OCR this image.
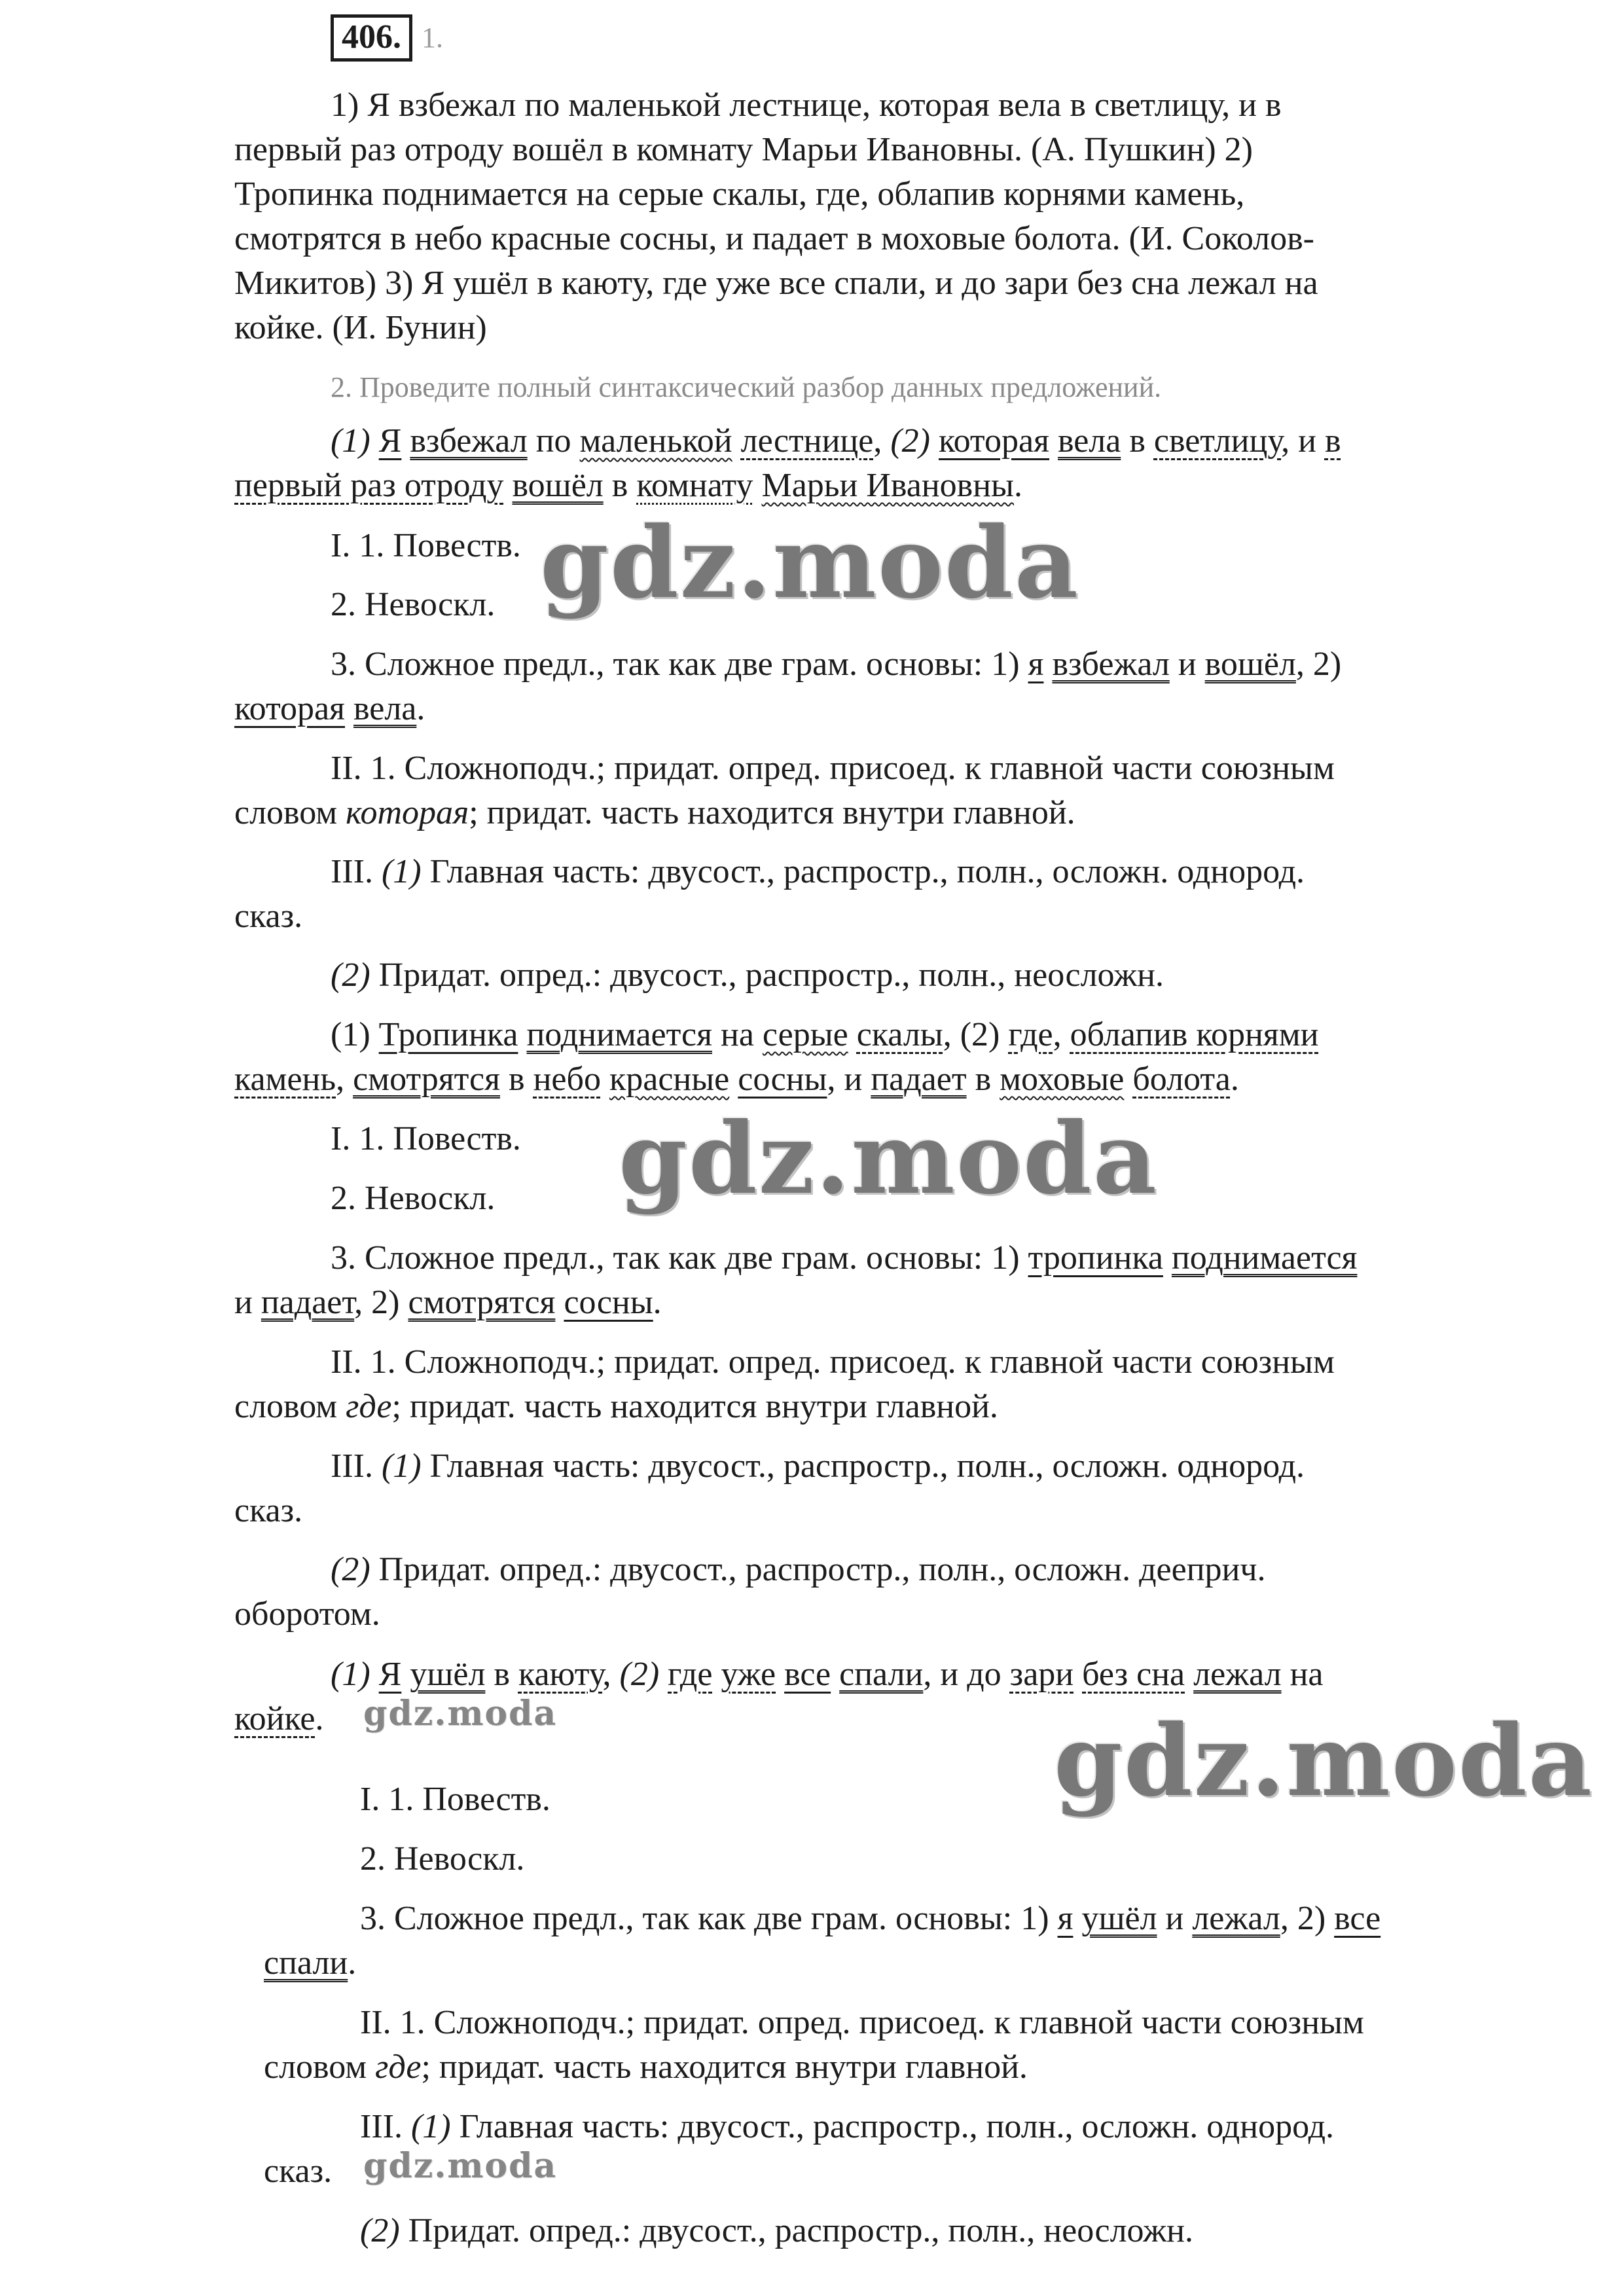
406. 1.

1) Я взбежал по маленькой лестнице, которая вела в светлицу, и в

первый раз отроду вошёл в комнату Марьи Ивановны. (А. Пушкин) 2)

Тропинка поднимается на серые скалы, где, облапив корнями камень,

смотрятся в небо красные сосны, и падает в моховые болота. (И. Соколов-

Микитов) 3) Я ушёл в каюту, где уже все спали, и до зари без сна лежал на

койке. (И. Бунин)

2. Проведите полный синтаксический разбор данных предложений.

(1) Я взбежал по маленькой лестнице, (2) которая вела в светлицу, и в

первый раз отроду вошёл в комнату Марьи Ивановны.

I. 1. Повеств. gdz.moda

2. Невоскл.

3. Сложное предл., так как две грам. основы: 1) я взбежал и вошёл, 2)

которая вела.

II. 1. Сложноподч.; придат. опред. присоед. к главной части союзным

словом которая; придат. часть находится внутри главной.

III. (1) Главная часть: двусост., распростр., полн., осложн. однород.

сказ.

(2) Придат. опред.: двусост., распростр., полн., неосложн.

(1) Тропинка поднимается на серые скалы, (2) где, облапив корнями

камень, смотрятся в небо красные сосны, и падает в моховые болота.

I. 1. Повеств. gdz.moda

2. Невоскл.

3. Сложное предл., так как две грам. основы: 1) тропинка поднимается

и падает, 2) смотрятся сосны.

II. 1. Сложноподч.; придат. опред. присоед. к главной части союзным

словом где; придат. часть находится внутри главной.

III. (1) Главная часть: двусост., распростр., полн., осложн. однород.

сказ.

(2) Придат. опред.: двусост., распростр., полн., осложн. дееприч.

оборотом.

(1) Я ушёл в каюту, (2) где уже все спали, и до зари без сна лежал на

койке. gdz.moda	gdz.moda

I. 1. Повеств.

2. Невоскл.

3. Сложное предл., так как две грам. основы: 1) я ушёл и лежал, 2) все

спали.

II. 1. Сложноподч.; придат. опред. присоед. к главной части союзным

словом где; придат. часть находится внутри главной.

III. (1) Главная часть: двусост., распростр., полн., осложн. однород.

сказ. gdz.moda

(2) Придат. опред.: двусост., распростр., полн., неосложн.
